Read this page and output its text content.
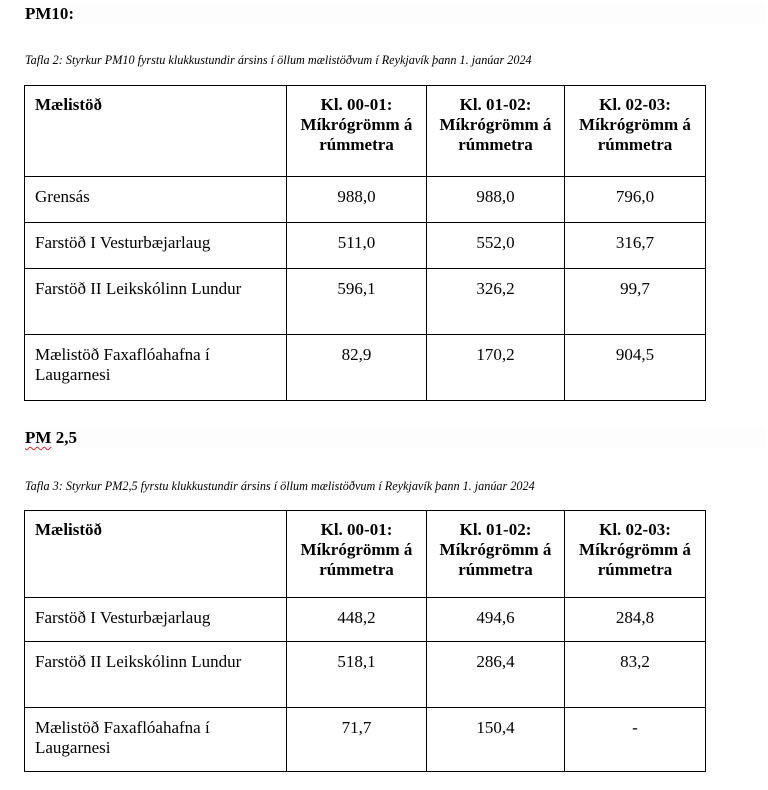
PM10:
Tafla 2: Styrkur PM10 fyrstu klukkustundir ársins í öllum mælistöðvum í Reykjavík þann 1. janúar 2024
Mælistöð	Kl. 00-01: Míkrógrömm á rúmmetra	Kl. 01-02: Míkrógrömm á rúmmetra	Kl. 02-03: Míkrógrömm á rúmmetra
Grensás	988,0	988,0	796,0
Farstöð I Vesturbæjarlaug	511,0	552,0	316,7
Farstöð II Leikskólinn Lundur	596,1	326,2	99,7
Mælistöð Faxaflóahafna í Laugarnesi	82,9	170,2	904,5
PM 2,5
Tafla 3: Styrkur PM2,5 fyrstu klukkustundir ársins í öllum mælistöðvum í Reykjavík þann 1. janúar 2024
Mælistöð	Kl. 00-01: Míkrógrömm á rúmmetra	Kl. 01-02: Míkrógrömm á rúmmetra	Kl. 02-03: Míkrógrömm á rúmmetra
Farstöð I Vesturbæjarlaug	448,2	494,6	284,8
Farstöð II Leikskólinn Lundur	518,1	286,4	83,2
Mælistöð Faxaflóahafna í Laugarnesi	71,7	150,4	-
